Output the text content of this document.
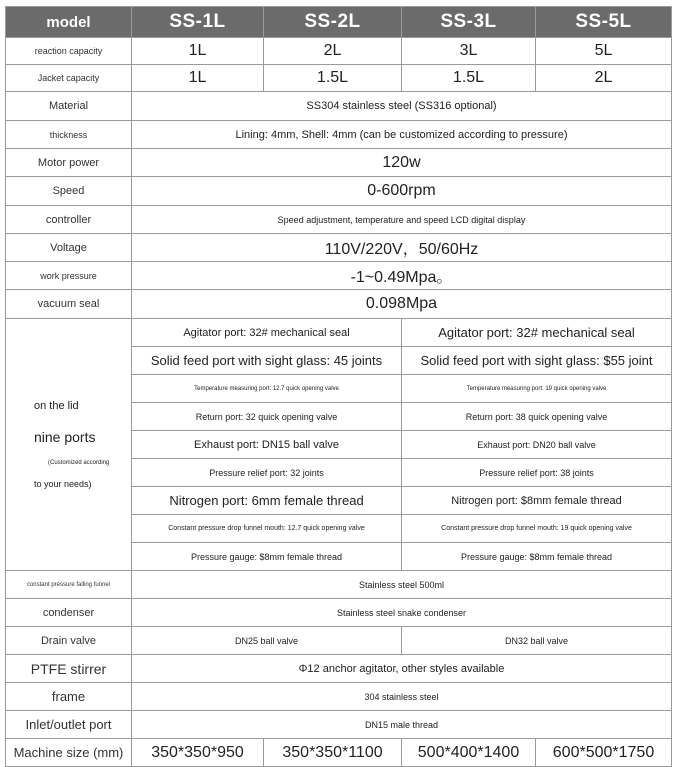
model	SS-1L	SS-2L	SS-3L	SS-5L
reaction capacity	1L	2L	3L	5L
Jacket capacity	1L	1.5L	1.5L	2L
Material	SS304 stainless steel (SS316 optional)			
thickness	Lining: 4mm, Shell: 4mm (can be customized according to pressure)			
Motor power	120w			
Speed	0-600rpm			
controller	Speed adjustment, temperature and speed LCD digital display			
Voltage	110V/220V，50/60Hz			
work pressure	-1~0.49Mpa。			
vacuum seal	0.098Mpa			

on the lid
nine ports
(Customized according
to your needs)	Agitator port: 32# mechanical seal		Agitator port: 32# mechanical seal	
	Solid feed port with sight glass: 45 joints		Solid feed port with sight glass: $55 joint	
	Temperature measuring port: 12.7 quick opening valve		Temperature measuring port: 19 quick opening valve	
	Return port: 32 quick opening valve		Return port: 38 quick opening valve	
	Exhaust port: DN15 ball valve		Exhaust port: DN20 ball valve	
	Pressure relief port: 32 joints		Pressure relief port: 38 joints	
	Nitrogen port: 6mm female thread		Nitrogen port: $8mm female thread	
	Constant pressure drop funnel mouth: 12.7 quick opening valve		Constant pressure drop funnel mouth: 19 quick opening valve	
	Pressure gauge: $8mm female thread		Pressure gauge: $8mm female thread	
constant pressure falling funnel	Stainless steel 500ml			
condenser	Stainless steel snake condenser			
Drain valve	DN25 ball valve		DN32 ball valve	
PTFE stirrer	Φ12 anchor agitator, other styles available			
frame	304 stainless steel			
Inlet/outlet port	DN15 male thread			
Machine size (mm)	350*350*950	350*350*1100	500*400*1400	600*500*1750
